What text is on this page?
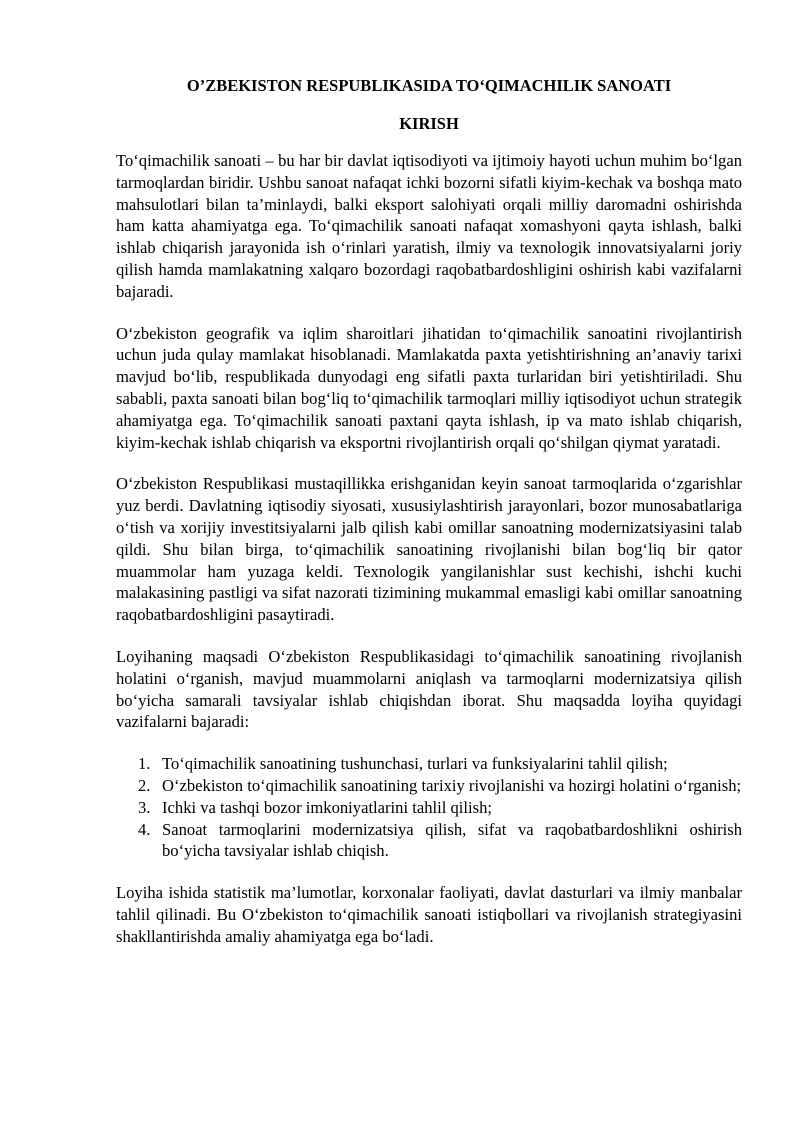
O’ZBEKISTON RESPUBLIKASIDA TO‘QIMACHILIK SANOATI
KIRISH

To‘qimachilik sanoati – bu har bir davlat iqtisodiyoti va ijtimoiy hayoti uchun muhim bo‘lgan tarmoqlardan biridir. Ushbu sanoat nafaqat ichki bozorni sifatli kiyim-kechak va boshqa mato mahsulotlari bilan ta’minlaydi, balki eksport salohiyati orqali milliy daromadni oshirishda ham katta ahamiyatga ega. To‘qimachilik sanoati nafaqat xomashyoni qayta ishlash, balki ishlab chiqarish jarayonida ish o‘rinlari yaratish, ilmiy va texnologik innovatsiyalarni joriy qilish hamda mamlakatning xalqaro bozordagi raqobatbardoshligini oshirish kabi vazifalarni bajaradi.

O‘zbekiston geografik va iqlim sharoitlari jihatidan to‘qimachilik sanoatini rivojlantirish uchun juda qulay mamlakat hisoblanadi. Mamlakatda paxta yetishtirishning an’anaviy tarixi mavjud bo‘lib, respublikada dunyodagi eng sifatli paxta turlaridan biri yetishtiriladi. Shu sababli, paxta sanoati bilan bog‘liq to‘qimachilik tarmoqlari milliy iqtisodiyot uchun strategik ahamiyatga ega. To‘qimachilik sanoati paxtani qayta ishlash, ip va mato ishlab chiqarish, kiyim-kechak ishlab chiqarish va eksportni rivojlantirish orqali qo‘shilgan qiymat yaratadi.

O‘zbekiston Respublikasi mustaqillikka erishganidan keyin sanoat tarmoqlarida o‘zgarishlar yuz berdi. Davlatning iqtisodiy siyosati, xususiylashtirish jarayonlari, bozor munosabatlariga o‘tish va xorijiy investitsiyalarni jalb qilish kabi omillar sanoatning modernizatsiyasini talab qildi. Shu bilan birga, to‘qimachilik sanoatining rivojlanishi bilan bog‘liq bir qator muammolar ham yuzaga keldi. Texnologik yangilanishlar sust kechishi, ishchi kuchi malakasining pastligi va sifat nazorati tizimining mukammal emasligi kabi omillar sanoatning raqobatbardoshligini pasaytiradi.

Loyihaning maqsadi O‘zbekiston Respublikasidagi to‘qimachilik sanoatining rivojlanish holatini o‘rganish, mavjud muammolarni aniqlash va tarmoqlarni modernizatsiya qilish bo‘yicha samarali tavsiyalar ishlab chiqishdan iborat. Shu maqsadda loyiha quyidagi vazifalarni bajaradi:

1. To‘qimachilik sanoatining tushunchasi, turlari va funksiyalarini tahlil qilish;
2. O‘zbekiston to‘qimachilik sanoatining tarixiy rivojlanishi va hozirgi holatini o‘rganish;
3. Ichki va tashqi bozor imkoniyatlarini tahlil qilish;
4. Sanoat tarmoqlarini modernizatsiya qilish, sifat va raqobatbardoshlikni oshirish bo‘yicha tavsiyalar ishlab chiqish.

Loyiha ishida statistik ma’lumotlar, korxonalar faoliyati, davlat dasturlari va ilmiy manbalar tahlil qilinadi. Bu O‘zbekiston to‘qimachilik sanoati istiqbollari va rivojlanish strategiyasini shakllantirishda amaliy ahamiyatga ega bo‘ladi.
